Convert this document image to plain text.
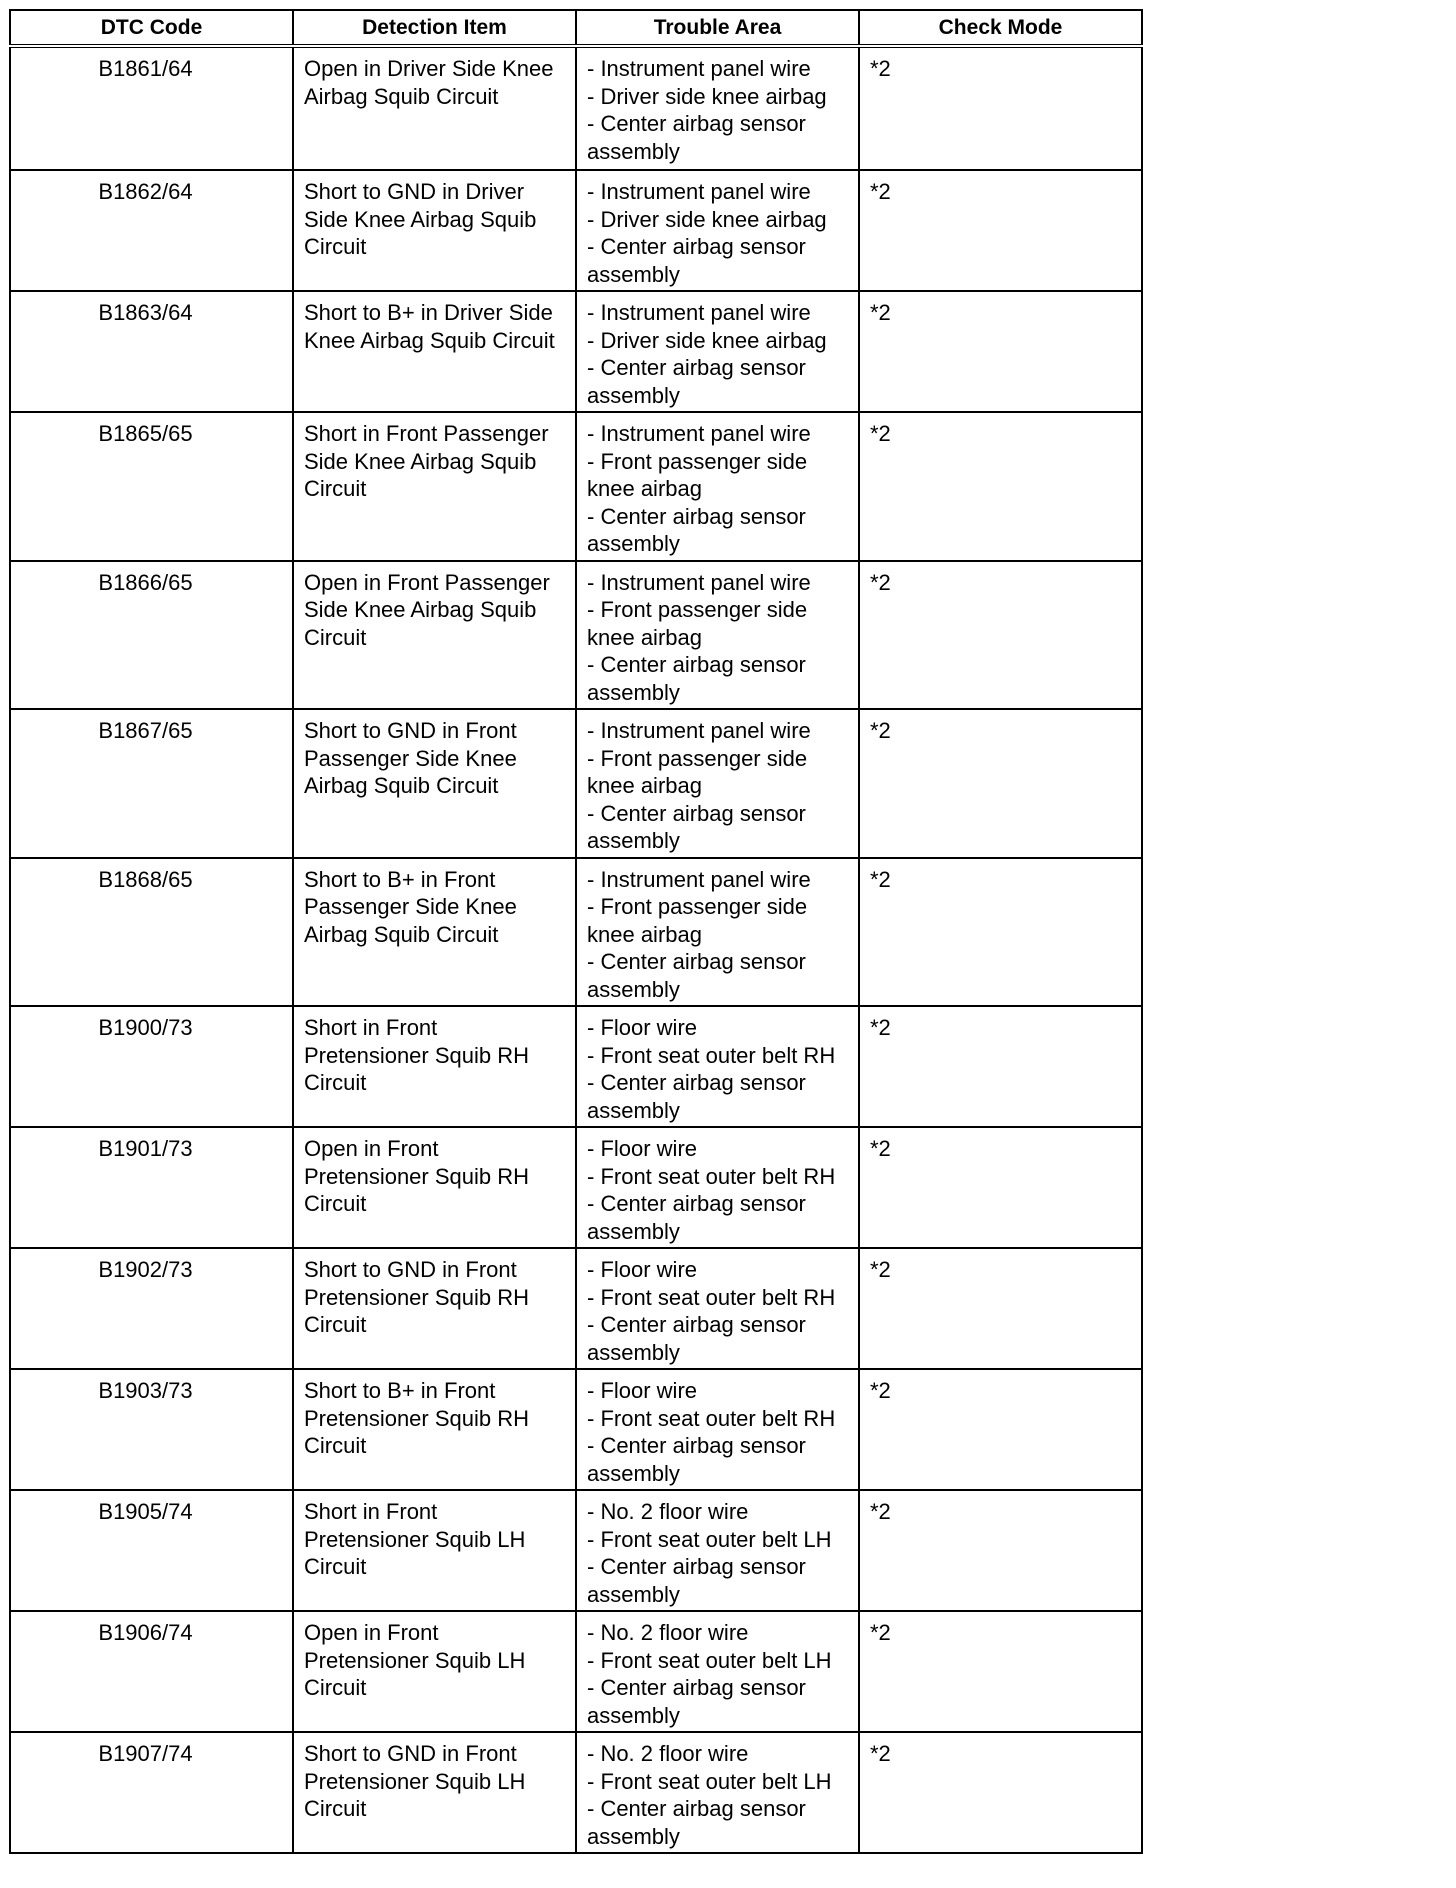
DTC Code	Detection Item	Trouble Area	Check Mode
B1861/64	Open in Driver Side Knee Airbag Squib Circuit	- Instrument panel wire
- Driver side knee airbag
- Center airbag sensor assembly	*2
B1862/64	Short to GND in Driver Side Knee Airbag Squib Circuit	- Instrument panel wire
- Driver side knee airbag
- Center airbag sensor assembly	*2
B1863/64	Short to B+ in Driver Side Knee Airbag Squib Circuit	- Instrument panel wire
- Driver side knee airbag
- Center airbag sensor assembly	*2
B1865/65	Short in Front Passenger Side Knee Airbag Squib Circuit	- Instrument panel wire
- Front passenger side knee airbag
- Center airbag sensor assembly	*2
B1866/65	Open in Front Passenger Side Knee Airbag Squib Circuit	- Instrument panel wire
- Front passenger side knee airbag
- Center airbag sensor assembly	*2
B1867/65	Short to GND in Front Passenger Side Knee Airbag Squib Circuit	- Instrument panel wire
- Front passenger side knee airbag
- Center airbag sensor assembly	*2
B1868/65	Short to B+ in Front Passenger Side Knee Airbag Squib Circuit	- Instrument panel wire
- Front passenger side knee airbag
- Center airbag sensor assembly	*2
B1900/73	Short in Front Pretensioner Squib RH Circuit	- Floor wire
- Front seat outer belt RH
- Center airbag sensor assembly	*2
B1901/73	Open in Front Pretensioner Squib RH Circuit	- Floor wire
- Front seat outer belt RH
- Center airbag sensor assembly	*2
B1902/73	Short to GND in Front Pretensioner Squib RH Circuit	- Floor wire
- Front seat outer belt RH
- Center airbag sensor assembly	*2
B1903/73	Short to B+ in Front Pretensioner Squib RH Circuit	- Floor wire
- Front seat outer belt RH
- Center airbag sensor assembly	*2
B1905/74	Short in Front Pretensioner Squib LH Circuit	- No. 2 floor wire
- Front seat outer belt LH
- Center airbag sensor assembly	*2
B1906/74	Open in Front Pretensioner Squib LH Circuit	- No. 2 floor wire
- Front seat outer belt LH
- Center airbag sensor assembly	*2
B1907/74	Short to GND in Front Pretensioner Squib LH Circuit	- No. 2 floor wire
- Front seat outer belt LH
- Center airbag sensor assembly	*2
